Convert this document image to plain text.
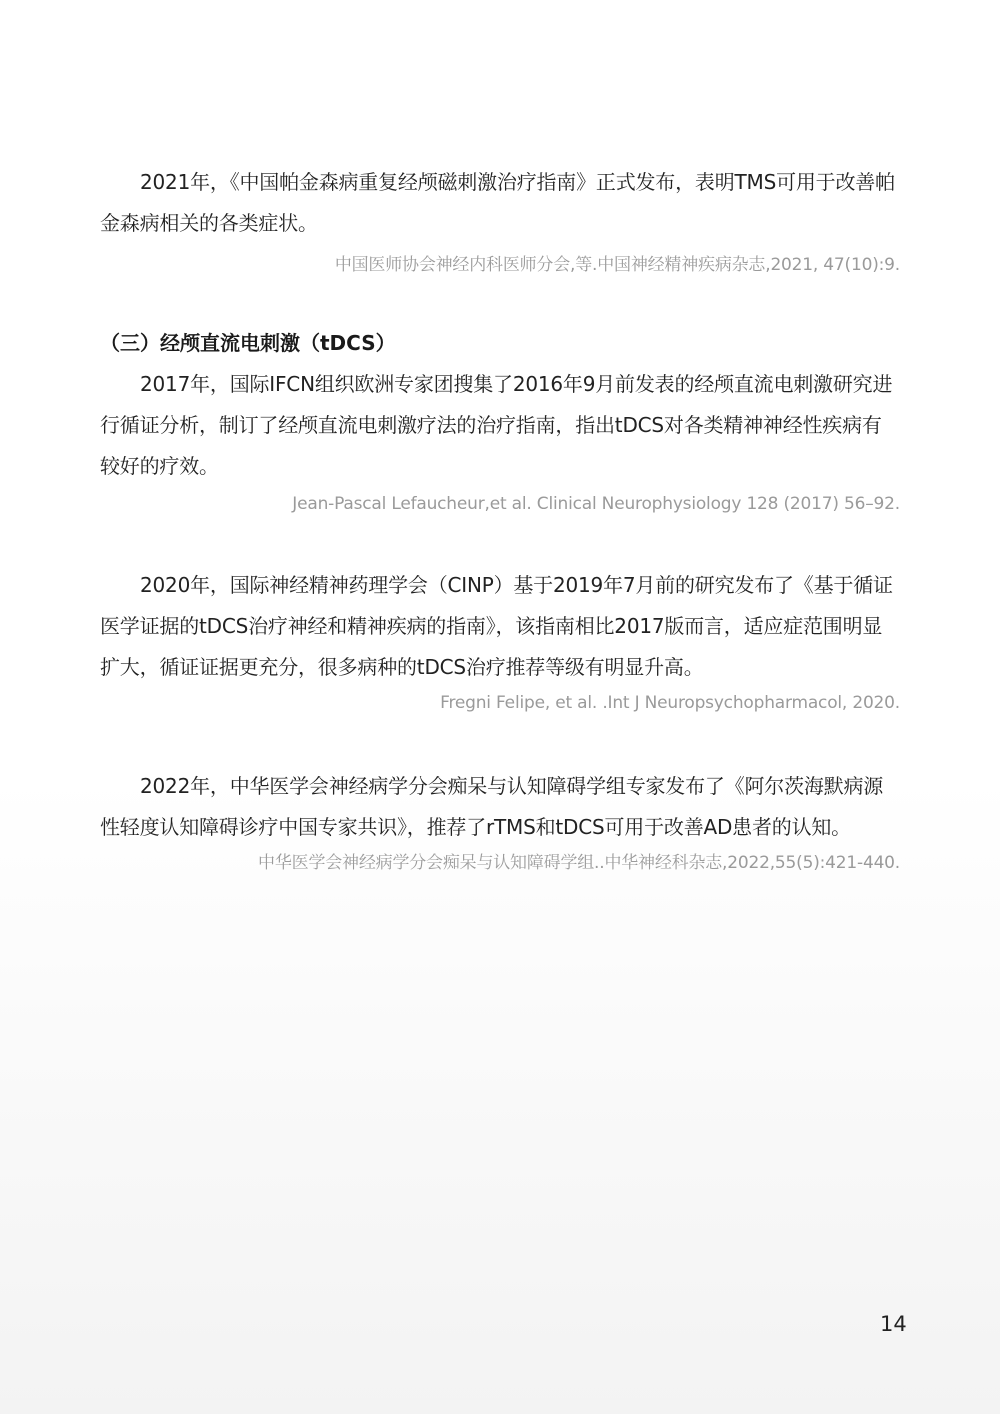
2021年，《中国帕金森病重复经颅磁刺激治疗指南》正式发布，表明TMS可用于改善帕金森病相关的各类症状。

中国医师协会神经内科医师分会,等.中国神经精神疾病杂志,2021, 47(10):9.

（三）经颅直流电刺激（tDCS）

2017年，国际IFCN组织欧洲专家团搜集了2016年9月前发表的经颅直流电刺激研究进行循证分析，制订了经颅直流电刺激疗法的治疗指南，指出tDCS对各类精神神经性疾病有较好的疗效。

Jean-Pascal Lefaucheur,et al. Clinical Neurophysiology 128 (2017) 56–92.

2020年，国际神经精神药理学会（CINP）基于2019年7月前的研究发布了《基于循证医学证据的tDCS治疗神经和精神疾病的指南》，该指南相比2017版而言，适应症范围明显扩大，循证证据更充分，很多病种的tDCS治疗推荐等级有明显升高。

Fregni Felipe, et al. .Int J Neuropsychopharmacol, 2020.

2022年，中华医学会神经病学分会痴呆与认知障碍学组专家发布了《阿尔茨海默病源性轻度认知障碍诊疗中国专家共识》，推荐了rTMS和tDCS可用于改善AD患者的认知。

中华医学会神经病学分会痴呆与认知障碍学组..中华神经科杂志,2022,55(5):421-440.

14
